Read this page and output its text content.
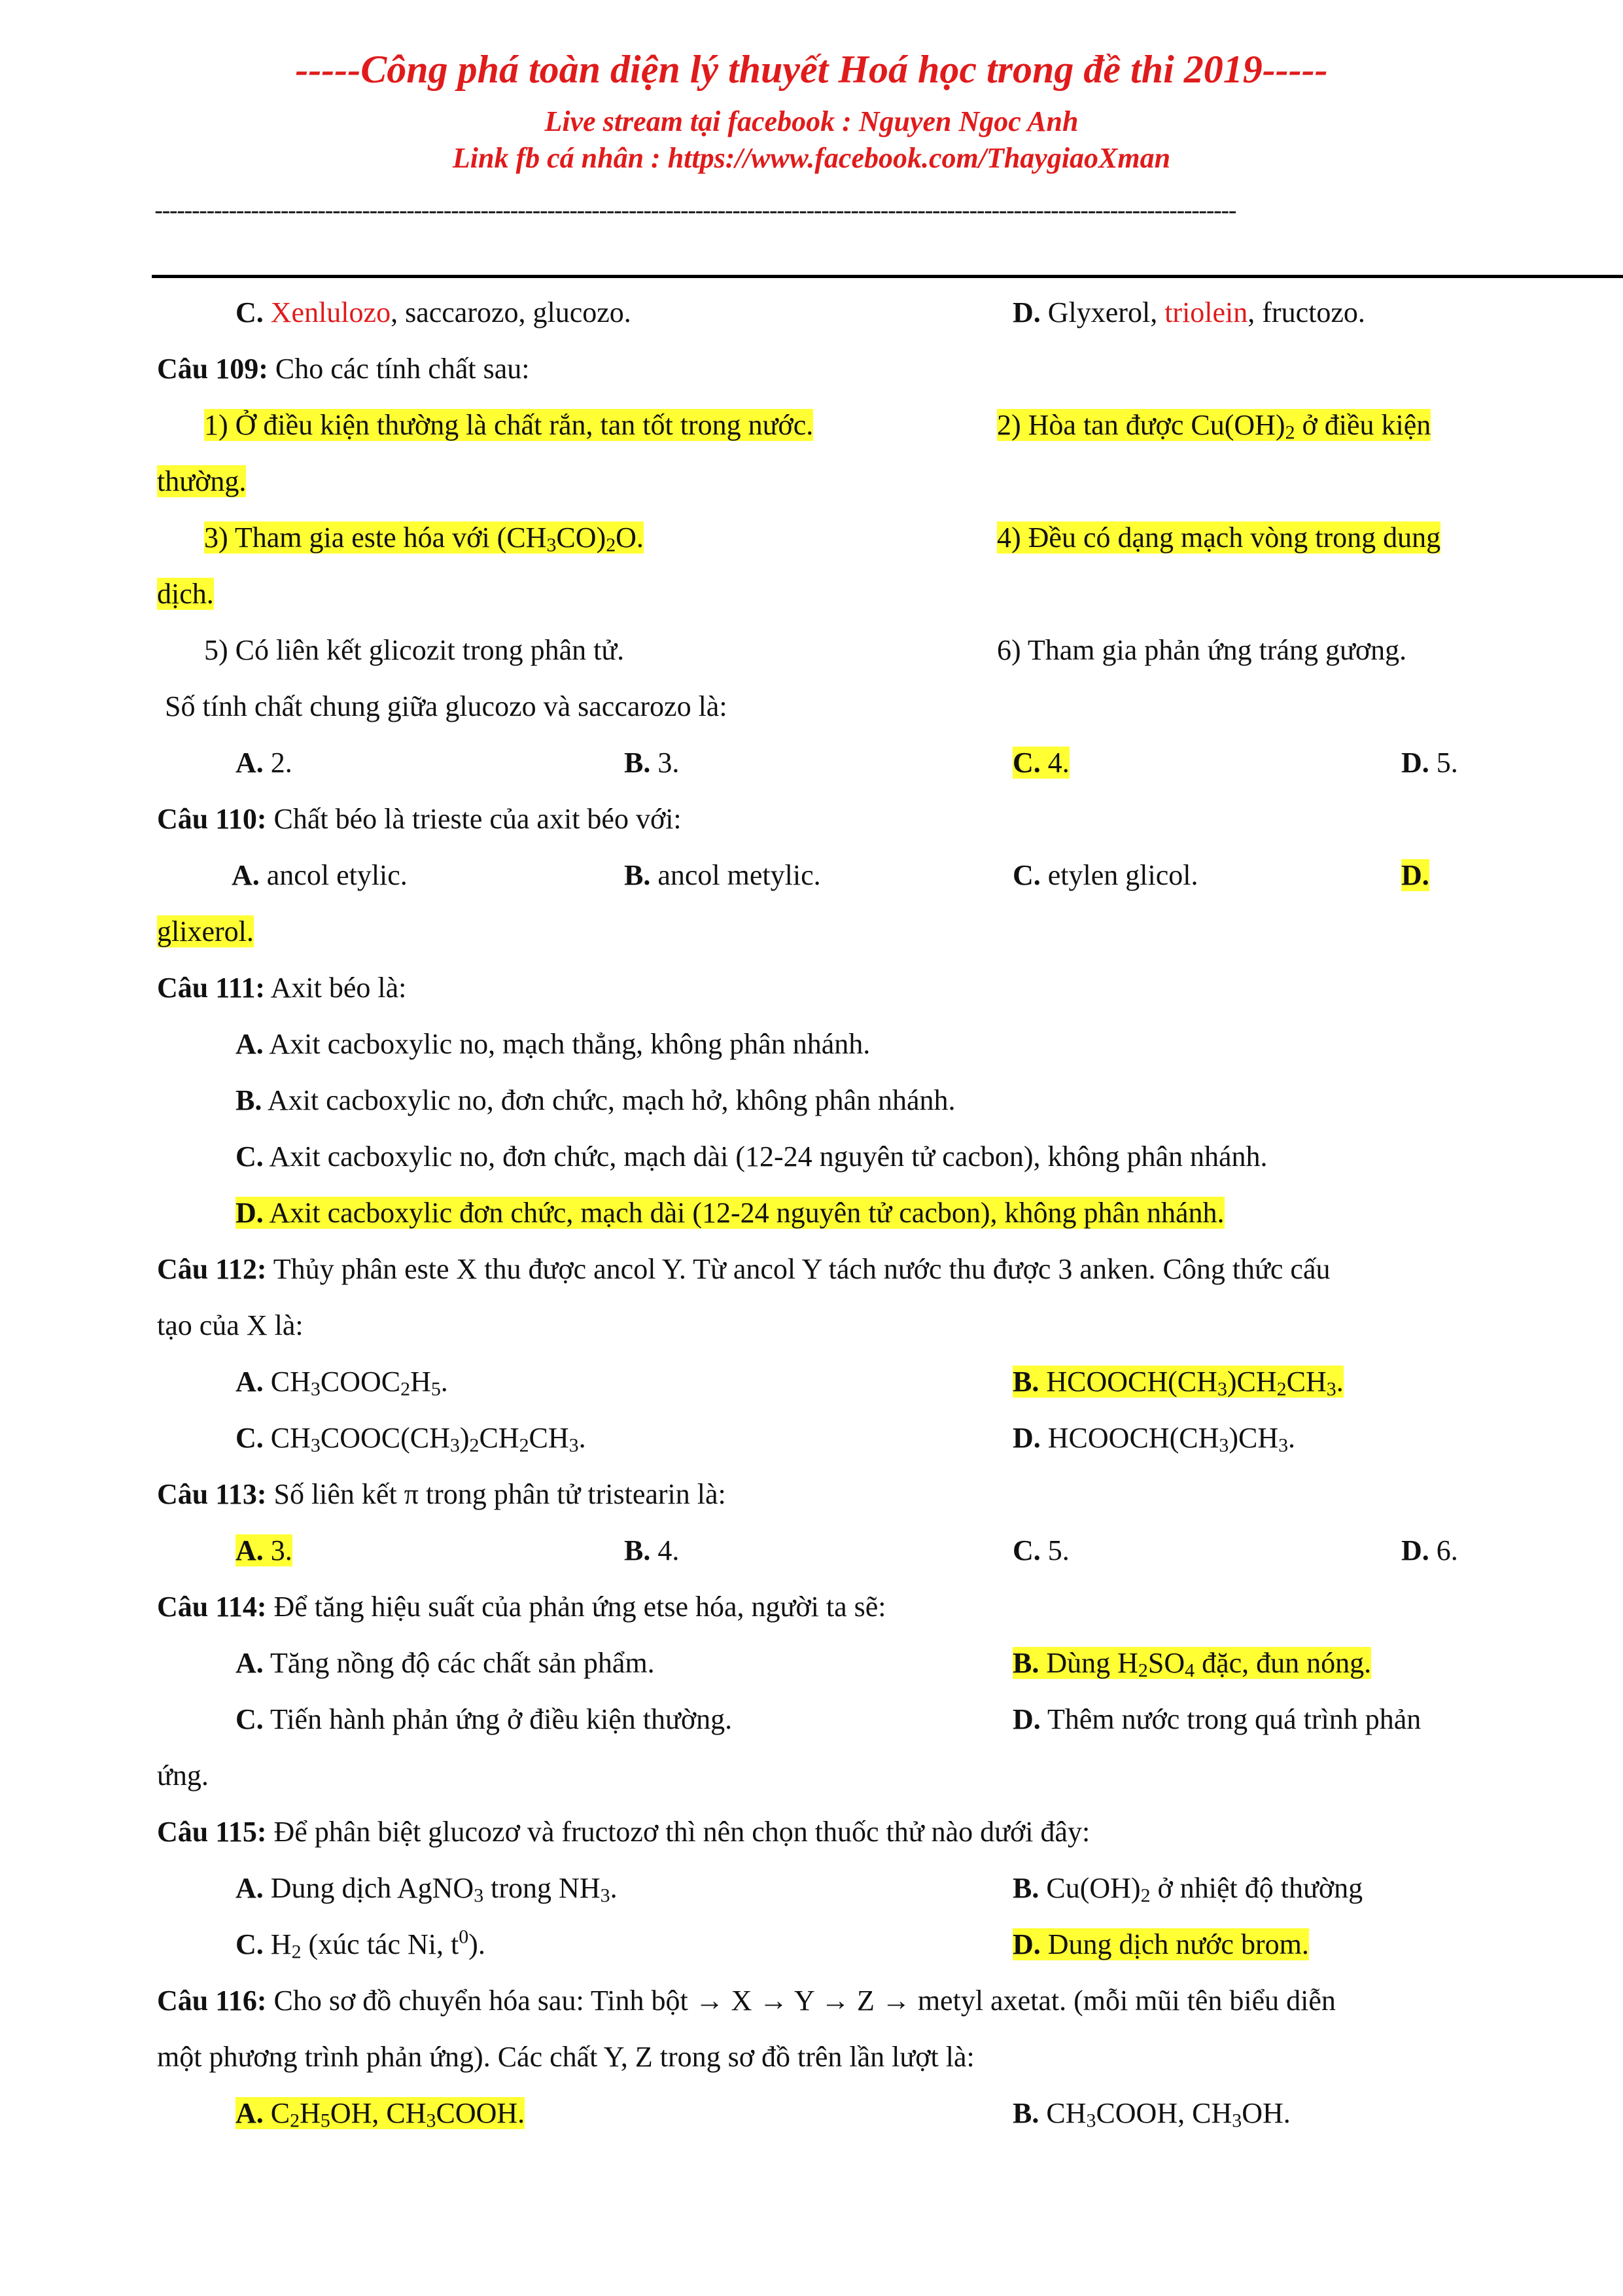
-----Công phá toàn diện lý thuyết Hoá học trong đề thi 2019-----
Live stream tại facebook : Nguyen Ngoc Anh
Link fb cá nhân : https://www.facebook.com/ThaygiaoXman
--------------------------------------------------------------------------------------------------------------------------------------------------
C. Xenlulozo, saccarozo, glucozo.	D. Glyxerol, triolein, fructozo.
Câu 109: Cho các tính chất sau:
1) Ở điều kiện thường là chất rắn, tan tốt trong nước.	2) Hòa tan được $Cu(OH)_2$ ở điều kiện
thường.
3) Tham gia este hóa với $(CH_3CO)_2O$.	4) Đều có dạng mạch vòng trong dung
dịch.
5) Có liên kết glicozit trong phân tử.	6) Tham gia phản ứng tráng gương.
Số tính chất chung giữa glucozo và saccarozo là:
A. 2.	B. 3.	C. 4.	D. 5.
Câu 110: Chất béo là trieste của axit béo với:
A. ancol etylic.	B. ancol metylic.	C. etylen glicol.	D.
glixerol.
Câu 111: Axit béo là:
A. Axit cacboxylic no, mạch thẳng, không phân nhánh.
B. Axit cacboxylic no, đơn chức, mạch hở, không phân nhánh.
C. Axit cacboxylic no, đơn chức, mạch dài (12-24 nguyên tử cacbon), không phân nhánh.
D. Axit cacboxylic đơn chức, mạch dài (12-24 nguyên tử cacbon), không phân nhánh.
Câu 112: Thủy phân este X thu được ancol Y. Từ ancol Y tách nước thu được 3 anken. Công thức cấu
tạo của X là:
A. $CH_3COOC_2H_5$.	B. $HCOOCH(CH_3)CH_2CH_3$.
C. $CH_3COOC(CH_3)_2CH_2CH_3$.	D. $HCOOCH(CH_3)CH_3$.
Câu 113: Số liên kết π trong phân tử tristearin là:
A. 3.	B. 4.	C. 5.	D. 6.
Câu 114: Để tăng hiệu suất của phản ứng etse hóa, người ta sẽ:
A. Tăng nồng độ các chất sản phẩm.	B. Dùng $H_2SO_4$ đặc, đun nóng.
C. Tiến hành phản ứng ở điều kiện thường.	D. Thêm nước trong quá trình phản
ứng.
Câu 115: Để phân biệt glucozơ và fructozơ thì nên chọn thuốc thử nào dưới đây:
A. Dung dịch AgNO$_3$ trong $NH_3$.	B. $Cu(OH)_2$ ở nhiệt độ thường
C. $H_2$ (xúc tác Ni, $t^0$).	D. Dung dịch nước brom.
Câu 116: Cho sơ đồ chuyển hóa sau: Tinh bột → X → Y → Z → metyl axetat. (mỗi mũi tên biểu diễn
một phương trình phản ứng). Các chất Y, Z trong sơ đồ trên lần lượt là:
A. $C_2H_5OH$, $CH_3COOH$.	B. $CH_3COOH$, $CH_3OH$.
